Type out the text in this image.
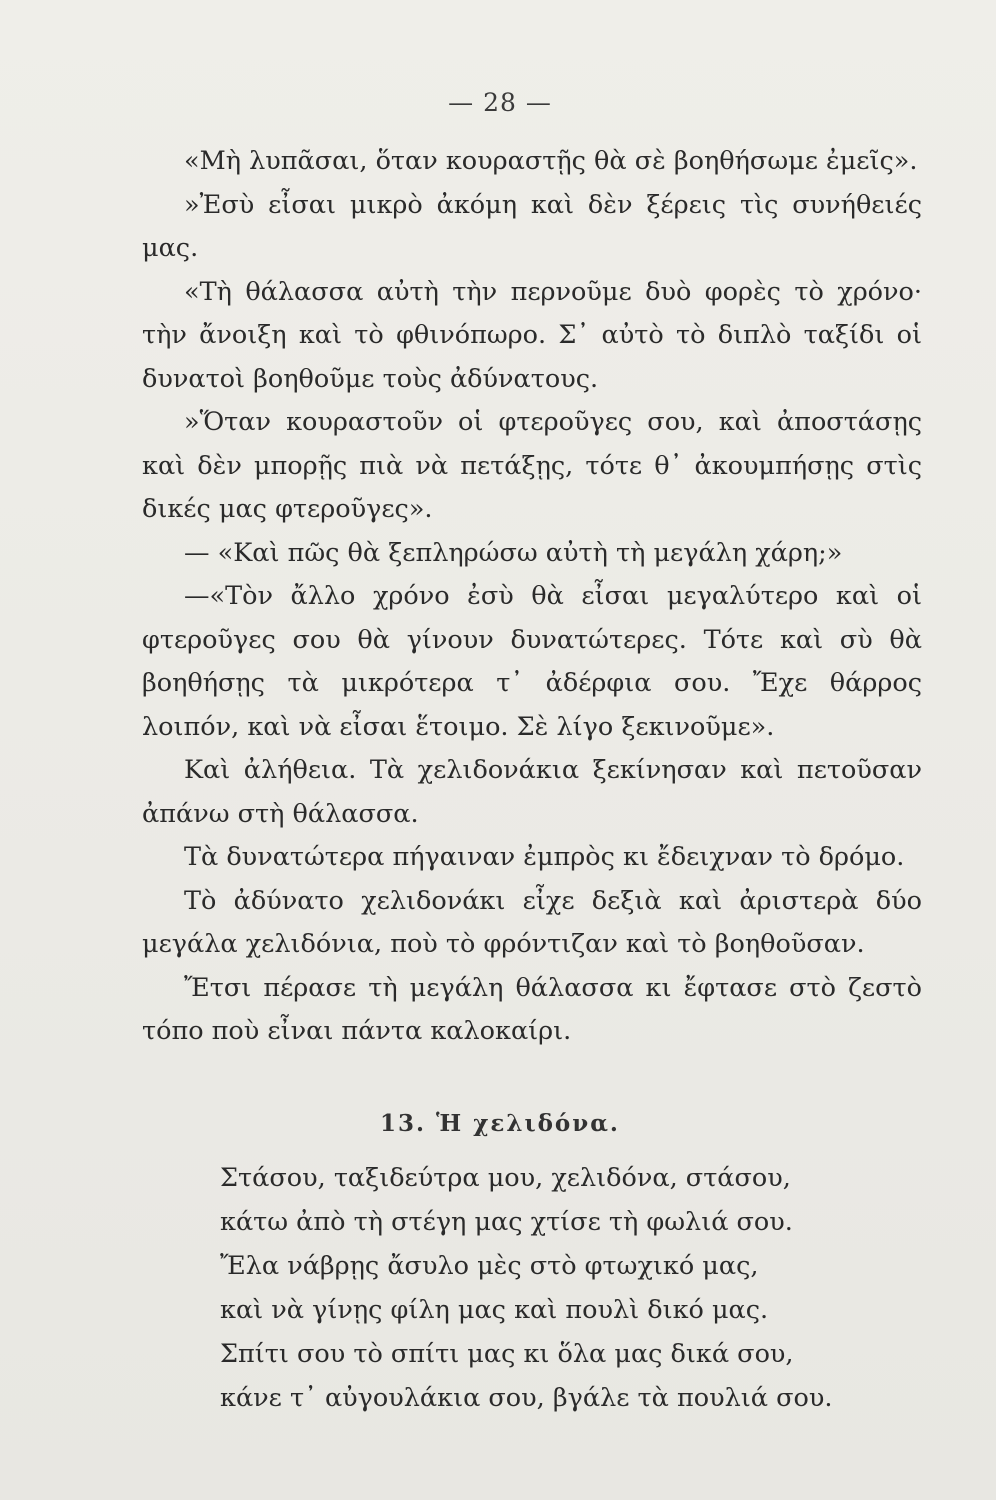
— 28 —

«Μὴ λυπᾶσαι, ὅταν κουραστῇς θὰ σὲ βοηθήσωμε ἐμεῖς».

»Ἐσὺ εἶσαι μικρὸ ἀκόμη καὶ δὲν ξέρεις τὶς συνήθειές μας.

«Τὴ θάλασσα αὐτὴ τὴν περνοῦμε δυὸ φορὲς τὸ χρόνο· τὴν ἄνοιξη καὶ τὸ φθινόπωρο. Σ᾿ αὐτὸ τὸ διπλὸ ταξίδι οἱ δυνατοὶ βοηθοῦμε τοὺς ἀδύνατους.

»Ὅταν κουραστοῦν οἱ φτεροῦγες σου, καὶ ἀποστάσῃς καὶ δὲν μπορῇς πιὰ νὰ πετάξῃς, τότε θ᾿ ἀκουμπήσῃς στὶς δικές μας φτεροῦγες».

— «Καὶ πῶς θὰ ξεπληρώσω αὐτὴ τὴ μεγάλη χάρη;»

—«Τὸν ἄλλο χρόνο ἐσὺ θὰ εἶσαι μεγαλύτερο καὶ οἱ φτεροῦγες σου θὰ γίνουν δυνατώτερες. Τότε καὶ σὺ θὰ βοηθήσῃς τὰ μικρότερα τ᾿ ἀδέρφια σου. Ἔχε θάρρος λοιπόν, καὶ νὰ εἶσαι ἕτοιμο. Σὲ λίγο ξεκινοῦμε».

Καὶ ἀλήθεια. Τὰ χελιδονάκια ξεκίνησαν καὶ πετοῦσαν ἀπάνω στὴ θάλασσα.

Τὰ δυνατώτερα πήγαιναν ἐμπρὸς κι ἔδειχναν τὸ δρόμο.

Τὸ ἀδύνατο χελιδονάκι εἶχε δεξιὰ καὶ ἀριστερὰ δύο μεγάλα χελιδόνια, ποὺ τὸ φρόντιζαν καὶ τὸ βοηθοῦσαν.

Ἔτσι πέρασε τὴ μεγάλη θάλασσα κι ἔφτασε στὸ ζεστὸ τόπο ποὺ εἶναι πάντα καλοκαίρι.

13. Ἡ χελιδόνα.
Στάσου, ταξιδεύτρα μου, χελιδόνα, στάσου,
κάτω ἀπὸ τὴ στέγη μας χτίσε τὴ φωλιά σου.
Ἔλα νάβρῃς ἄσυλο μὲς στὸ φτωχικό μας,
καὶ νὰ γίνῃς φίλη μας καὶ πουλὶ δικό μας.
Σπίτι σου τὸ σπίτι μας κι ὅλα μας δικά σου,
κάνε τ᾿ αὐγουλάκια σου, βγάλε τὰ πουλιά σου.
